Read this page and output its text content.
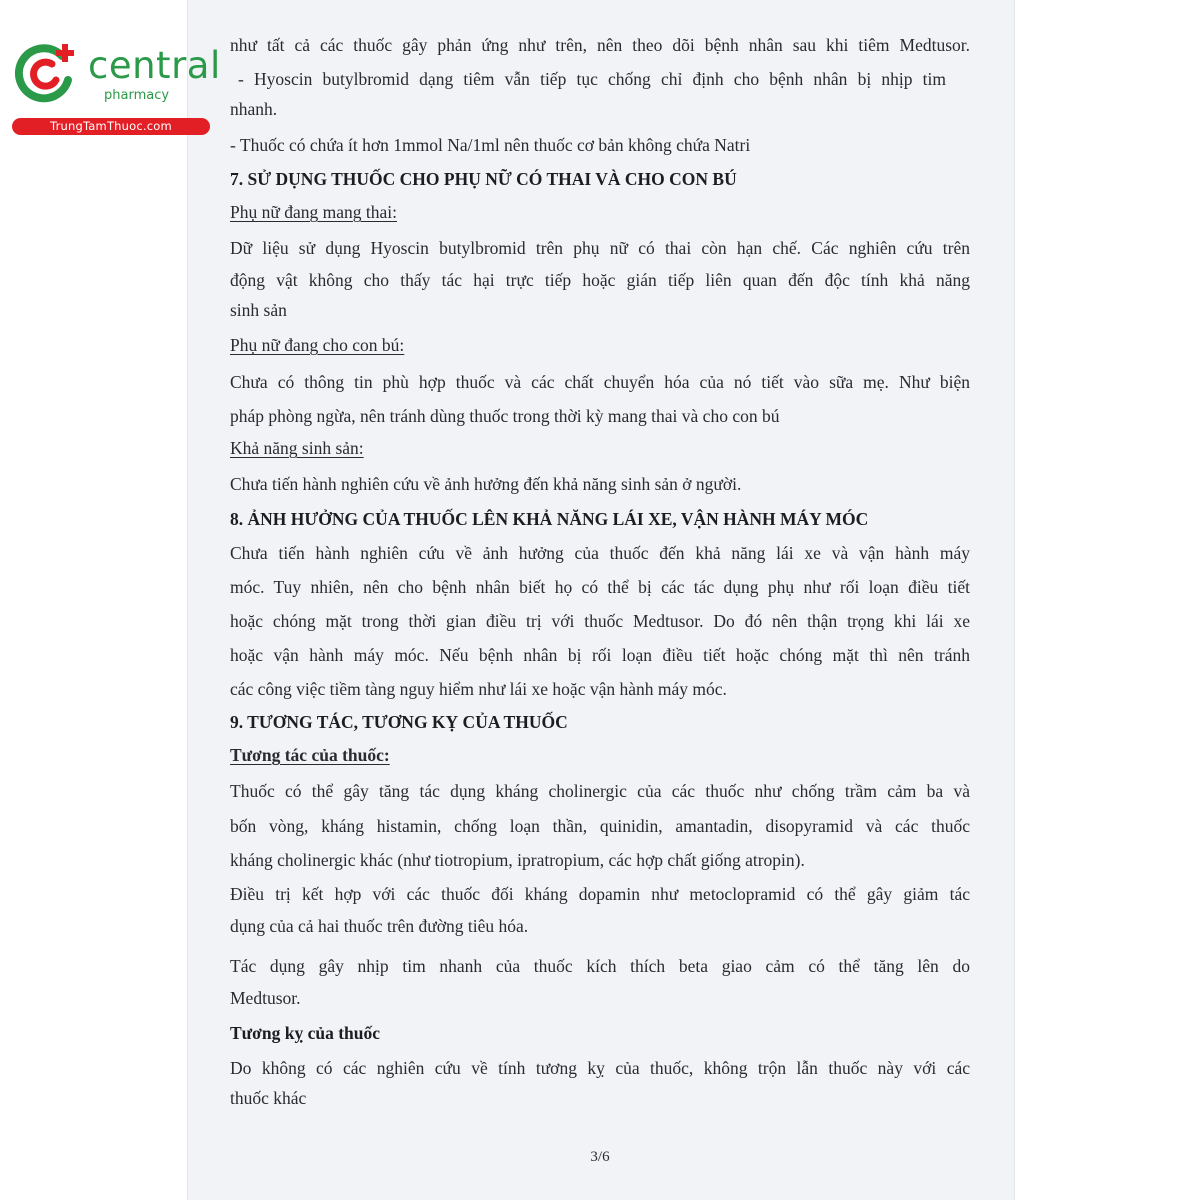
central
pharmacy
TrungTamThuoc.com
như tất cả các thuốc gây phản ứng như trên, nên theo dõi bệnh nhân sau khi tiêm Medtusor.
- Hyoscin butylbromid dạng tiêm vẫn tiếp tục chống chỉ định cho bệnh nhân bị nhịp tim
nhanh.
- Thuốc có chứa ít hơn 1mmol Na/1ml nên thuốc cơ bản không chứa Natri
7. SỬ DỤNG THUỐC CHO PHỤ NỮ CÓ THAI VÀ CHO CON BÚ
Phụ nữ đang mang thai:
Dữ liệu sử dụng Hyoscin butylbromid trên phụ nữ có thai còn hạn chế. Các nghiên cứu trên
động vật không cho thấy tác hại trực tiếp hoặc gián tiếp liên quan đến độc tính khả năng
sinh sản
Phụ nữ đang cho con bú:
Chưa có thông tin phù hợp thuốc và các chất chuyển hóa của nó tiết vào sữa mẹ. Như biện
pháp phòng ngừa, nên tránh dùng thuốc trong thời kỳ mang thai và cho con bú
Khả năng sinh sản:
Chưa tiến hành nghiên cứu về ảnh hưởng đến khả năng sinh sản ở người.
8. ẢNH HƯỞNG CỦA THUỐC LÊN KHẢ NĂNG LÁI XE, VẬN HÀNH MÁY MÓC
Chưa tiến hành nghiên cứu về ảnh hưởng của thuốc đến khả năng lái xe và vận hành máy
móc. Tuy nhiên, nên cho bệnh nhân biết họ có thể bị các tác dụng phụ như rối loạn điều tiết
hoặc chóng mặt trong thời gian điều trị với thuốc Medtusor. Do đó nên thận trọng khi lái xe
hoặc vận hành máy móc. Nếu bệnh nhân bị rối loạn điều tiết hoặc chóng mặt thì nên tránh
các công việc tiềm tàng nguy hiểm như lái xe hoặc vận hành máy móc.
9. TƯƠNG TÁC, TƯƠNG KỴ CỦA THUỐC
Tương tác của thuốc:
Thuốc có thể gây tăng tác dụng kháng cholinergic của các thuốc như chống trầm cảm ba và
bốn vòng, kháng histamin, chống loạn thần, quinidin, amantadin, disopyramid và các thuốc
kháng cholinergic khác (như tiotropium, ipratropium, các hợp chất giống atropin).
Điều trị kết hợp với các thuốc đối kháng dopamin như metoclopramid có thể gây giảm tác
dụng của cả hai thuốc trên đường tiêu hóa.
Tác dụng gây nhịp tim nhanh của thuốc kích thích beta giao cảm có thể tăng lên do
Medtusor.
Tương kỵ của thuốc
Do không có các nghiên cứu về tính tương kỵ của thuốc, không trộn lẫn thuốc này với các
thuốc khác
3/6
